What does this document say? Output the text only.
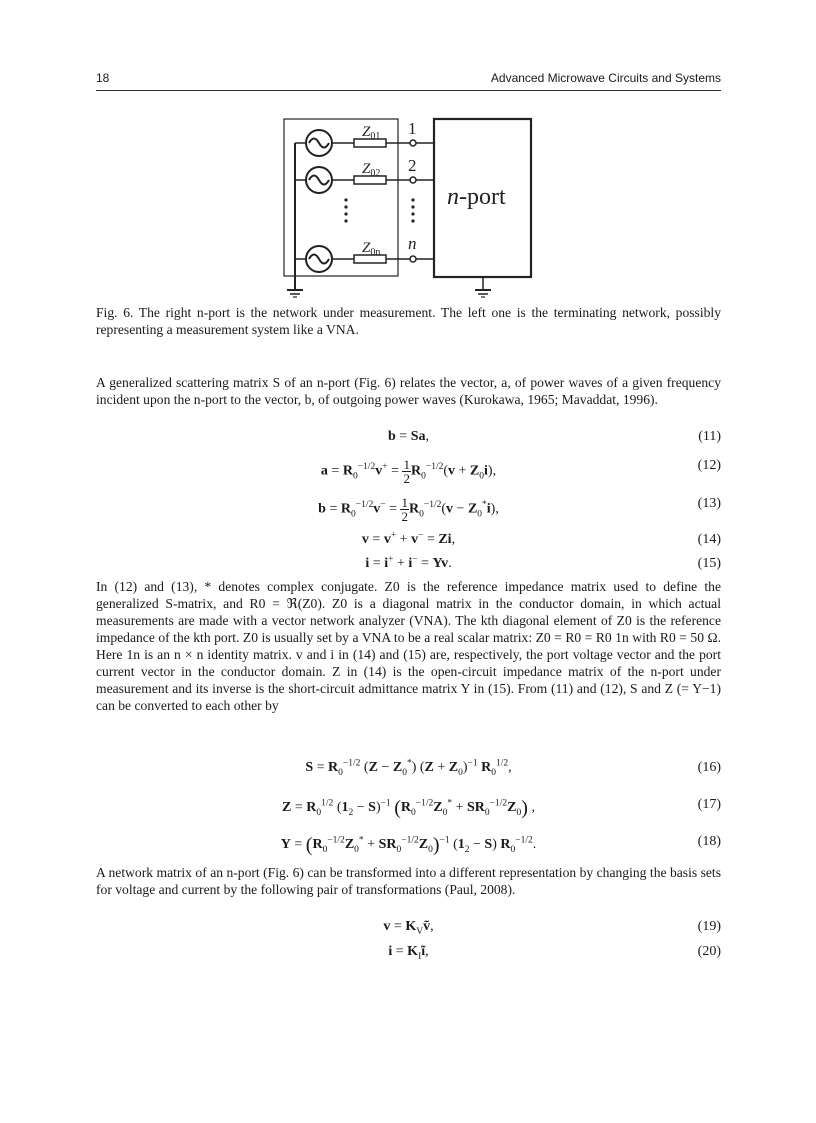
18	Advanced Microwave Circuits and Systems
$Z_{01}$
$Z_{02}$
$Z_{0n}$
1
2
n
n-port

Fig. 6. The right n-port is the network under measurement. The left one is the terminating network, possibly representing a measurement system like a VNA.

A generalized scattering matrix S of an n-port (Fig. 6) relates the vector, a, of power waves of a given frequency incident upon the n-port to the vector, b, of outgoing power waves (Kurokawa, 1965; Mavaddat, 1996).

b = Sa,	(11)
$a = R_0^{-1/2}v^+ = \frac{1}{2} R_0^{-1/2}(v + Z_0i)$,	(12)
$b = R_0^{-1/2}v^- = \frac{1}{2} R_0^{-1/2}(v - Z_0^*i)$,	(13)
v = v+ + v− = Zi,	(14)
i = i+ + i− = Yv.	(15)

In (12) and (13), * denotes complex conjugate. Z0 is the reference impedance matrix used to define the generalized S-matrix, and R0 = ℜ(Z0). Z0 is a diagonal matrix in the conductor domain, in which actual measurements are made with a vector network analyzer (VNA). The kth diagonal element of Z0 is the reference impedance of the kth port. Z0 is usually set by a VNA to be a real scalar matrix: Z0 = R0 = R0 1n with R0 = 50 Ω. Here 1n is an n × n identity matrix. v and i in (14) and (15) are, respectively, the port voltage vector and the port current vector in the conductor domain. Z in (14) is the open-circuit impedance matrix of the n-port under measurement and its inverse is the short-circuit admittance matrix Y in (15). From (11) and (12), S and Z (= Y−1) can be converted to each other by

$S = R_0^{-1/2}$ $(Z - Z_0^*)$ $(Z + Z_0)^{-1}$ $R_0^{1/2}$,	(16)
$Z = R_0^{1/2}$ $(1_2 - S)^{-1}$ $(R_0^{-1/2}Z_0^* + SR_0^{-1/2}Z_0)$ ,	(17)
$Y = (R_0^{-1/2}Z_0^* + SR_0^{-1/2}Z_0)^{-1}$ $(1_2 - S)$ $R_0^{-1/2}$.	(18)

A network matrix of an n-port (Fig. 6) can be transformed into a different representation by changing the basis sets for voltage and current by the following pair of transformations (Paul, 2008).

$v = K_Vṽ$,	(19)
$i = K_Iĩ$,	(20)
